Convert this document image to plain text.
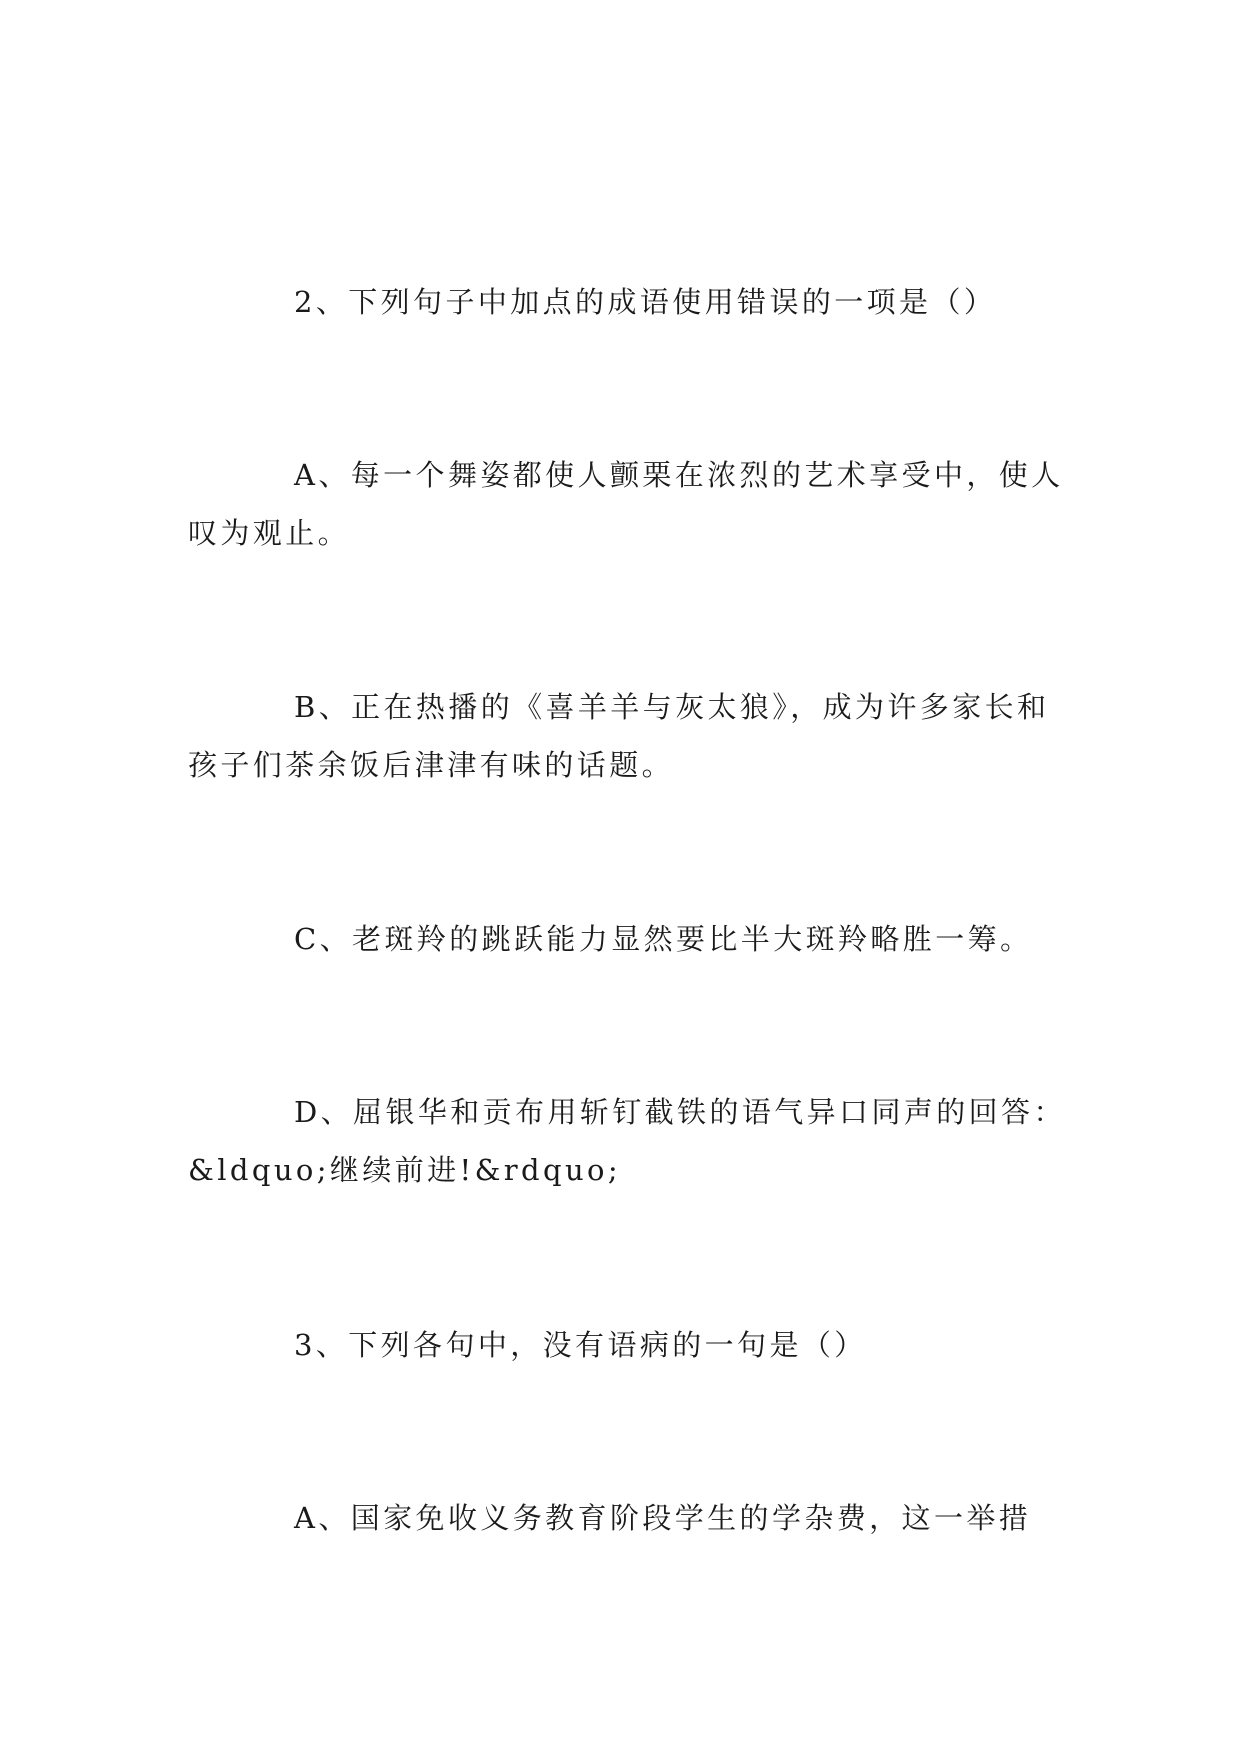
2、下列句子中加点的成语使用错误的一项是（）

A、每一个舞姿都使人颤栗在浓烈的艺术享受中，使人叹为观止。

B、正在热播的《喜羊羊与灰太狼》，成为许多家长和孩子们茶余饭后津津有味的话题。

C、老斑羚的跳跃能力显然要比半大斑羚略胜一筹。

D、屈银华和贡布用斩钉截铁的语气异口同声的回答：&ldquo;继续前进!&rdquo;

3、下列各句中，没有语病的一句是（）

A、国家免收义务教育阶段学生的学杂费，这一举措
